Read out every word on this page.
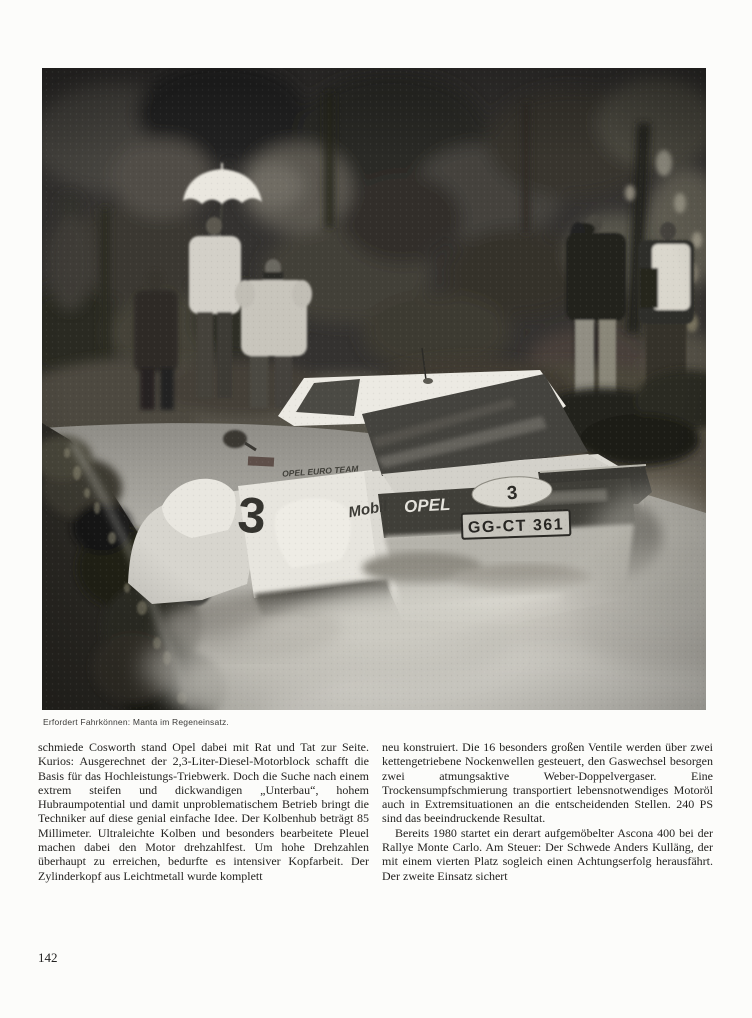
Erfordert Fahrkönnen: Manta im Regeneinsatz.

schmiede Cosworth stand Opel dabei mit Rat und Tat zur Seite. Kurios: Ausgerechnet der 2,3-Liter-Diesel-Motorblock schafft die Basis für das Hochleistungs-Triebwerk. Doch die Suche nach einem extrem steifen und dickwandigen „Unterbau“, hohem Hubraumpotential und damit unproblematischem Betrieb bringt die Techniker auf diese genial einfache Idee. Der Kolbenhub beträgt 85 Millimeter. Ultraleichte Kolben und besonders bearbeitete Pleuel machen dabei den Motor drehzahlfest. Um hohe Drehzahlen überhaupt zu erreichen, bedurfte es intensiver Kopfarbeit. Der Zylinderkopf aus Leichtmetall wurde komplett

neu konstruiert. Die 16 besonders großen Ventile werden über zwei kettengetriebene Nockenwellen gesteuert, den Gaswechsel besorgen zwei atmungsaktive Weber-Doppelvergaser. Eine Trockensumpfschmierung transportiert lebensnotwendiges Motoröl auch in Extremsituationen an die entscheidenden Stellen. 240 PS sind das beeindruckende Resultat.

Bereits 1980 startet ein derart aufgemöbelter Ascona 400 bei der Rallye Monte Carlo. Am Steuer: Der Schwede Anders Kulläng, der mit einem vierten Platz sogleich einen Achtungserfolg herausfährt. Der zweite Einsatz sichert

142
